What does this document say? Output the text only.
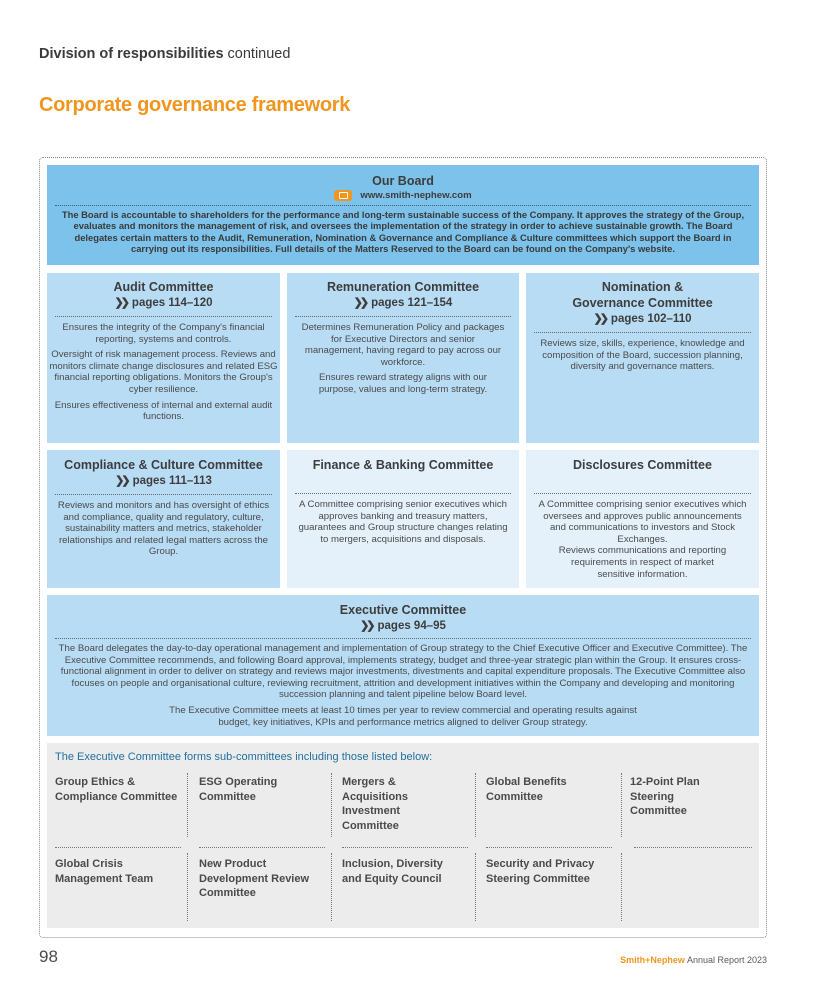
Division of responsibilities continued
Corporate governance framework
Our Board
www.smith-nephew.com

The Board is accountable to shareholders for the performance and long-term sustainable success of the Company. It approves the strategy of the Group, evaluates and monitors the management of risk, and oversees the implementation of the strategy in order to achieve sustainable growth. The Board delegates certain matters to the Audit, Remuneration, Nomination & Governance and Compliance & Culture committees which support the Board in carrying out its responsibilities. Full details of the Matters Reserved to the Board can be found on the Company's website.

Audit Committee
❯❯ pages 114–120

Ensures the integrity of the Company's financial reporting, systems and controls.

Oversight of risk management process. Reviews and monitors climate change disclosures and related ESG financial reporting obligations. Monitors the Group's cyber resilience.

Ensures effectiveness of internal and external audit functions.

Remuneration Committee
❯❯ pages 121–154

Determines Remuneration Policy and packages for Executive Directors and senior management, having regard to pay across our workforce.

Ensures reward strategy aligns with our purpose, values and long-term strategy.

Nomination &
Governance Committee
❯❯ pages 102–110

Reviews size, skills, experience, knowledge and composition of the Board, succession planning, diversity and governance matters.

Compliance & Culture Committee
❯❯ pages 111–113

Reviews and monitors and has oversight of ethics and compliance, quality and regulatory, culture, sustainability matters and metrics, stakeholder relationships and related legal matters across the Group.

Finance & Banking Committee

A Committee comprising senior executives which approves banking and treasury matters, guarantees and Group structure changes relating to mergers, acquisitions and disposals.

Disclosures Committee

A Committee comprising senior executives which oversees and approves public announcements and communications to investors and Stock Exchanges.

Reviews communications and reporting requirements in respect of market sensitive information.

Executive Committee
❯❯ pages 94–95

The Board delegates the day-to-day operational management and implementation of Group strategy to the Chief Executive Officer and Executive Committee). The Executive Committee recommends, and following Board approval, implements strategy, budget and three-year strategic plan within the Group. It ensures cross-functional alignment in order to deliver on strategy and reviews major investments, divestments and capital expenditure proposals. The Executive Committee also focuses on people and organisational culture, reviewing recruitment, attrition and development initiatives within the Company and developing and monitoring succession planning and talent pipeline below Board level.

The Executive Committee meets at least 10 times per year to review commercial and operating results against budget, key initiatives, KPIs and performance metrics aligned to deliver Group strategy.

The Executive Committee forms sub-committees including those listed below:
Group Ethics & Compliance Committee
ESG Operating Committee
Mergers & Acquisitions Investment Committee
Global Benefits Committee
12-Point Plan Steering Committee
Global Crisis Management Team
New Product Development Review Committee
Inclusion, Diversity and Equity Council
Security and Privacy Steering Committee
98	Smith+Nephew Annual Report 2023
